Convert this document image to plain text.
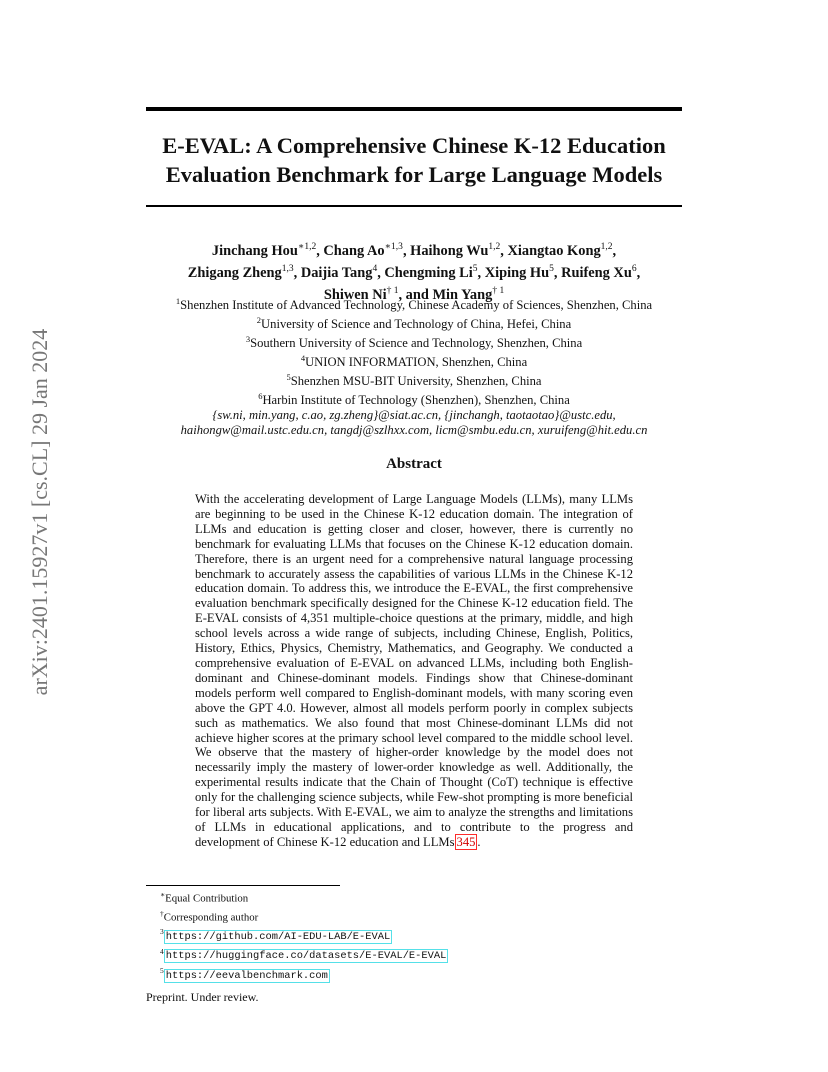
arXiv:2401.15927v1 [cs.CL] 29 Jan 2024
E-EVAL: A Comprehensive Chinese K-12 Education
Evaluation Benchmark for Large Language Models
Jinchang Hou$^{∗1,2}$, Chang $Ao^{∗1,3}$, Haihong Wu$^{1,2}$, Xiangtao Kong$^{1,2}$,
Zhigang Zheng$^{1,3}$, Daijia Tang$^4$, Chengming Li$^5$, Xiping Hu$^5$, Ruifeng Xu$^6$,
Shiwen Ni$^{\dagger 1}$, and Min Yang$^{\dagger 1}$
$^1$Shenzhen Institute of Advanced Technology, Chinese Academy of Sciences, Shenzhen, China
$^2$University of Science and Technology of China, Hefei, China
$^3$Southern University of Science and Technology, Shenzhen, China
$^4$UNION INFORMATION, Shenzhen, China
$^5$Shenzhen MSU-BIT University, Shenzhen, China
$^6$Harbin Institute of Technology (Shenzhen), Shenzhen, China
{sw.ni, min.yang, c.ao, zg.zheng}@siat.ac.cn, {jinchangh, taotaotao}@ustc.edu,
haihongw@mail.ustc.edu.cn, tangdj@szlhxx.com, licm@smbu.edu.cn, xuruifeng@hit.edu.cn
Abstract
With the accelerating development of Large Language Models (LLMs), many LLMs are beginning to be used in the Chinese K-12 education domain. The integration of LLMs and education is getting closer and closer, however, there is currently no benchmark for evaluating LLMs that focuses on the Chinese K-12 education domain. Therefore, there is an urgent need for a comprehensive natural language processing benchmark to accurately assess the capabilities of various LLMs in the Chinese K-12 education domain. To address this, we introduce the E-EVAL, the first comprehensive evaluation benchmark specifically designed for the Chinese K-12 education field. The E-EVAL consists of 4,351 multiple-choice questions at the primary, middle, and high school levels across a wide range of subjects, including Chinese, English, Politics, History, Ethics, Physics, Chemistry, Mathematics, and Geography. We conducted a comprehensive evaluation of E-EVAL on advanced LLMs, including both English-dominant and Chinese-dominant models. Findings show that Chinese-dominant models perform well compared to English-dominant models, with many scoring even above the GPT 4.0. However, almost all models perform poorly in complex subjects such as mathematics. We also found that most Chinese-dominant LLMs did not achieve higher scores at the primary school level compared to the middle school level. We observe that the mastery of higher-order knowledge by the model does not necessarily imply the mastery of lower-order knowledge as well. Additionally, the experimental results indicate that the Chain of Thought (CoT) technique is effective only for the challenging science subjects, while Few-shot prompting is more beneficial for liberal arts subjects. With E-EVAL, we aim to analyze the strengths and limitations of LLMs in educational applications, and to contribute to the progress and development of Chinese K-12 education and LLMs 345 .
∗Equal Contribution
†Corresponding author
$^3$ https://github.com/AI-EDU-LAB/E-EVAL
$^4$ https://huggingface.co/datasets/E-EVAL/E-EVAL
$^5$ https://eevalbenchmark.com
Preprint. Under review.
